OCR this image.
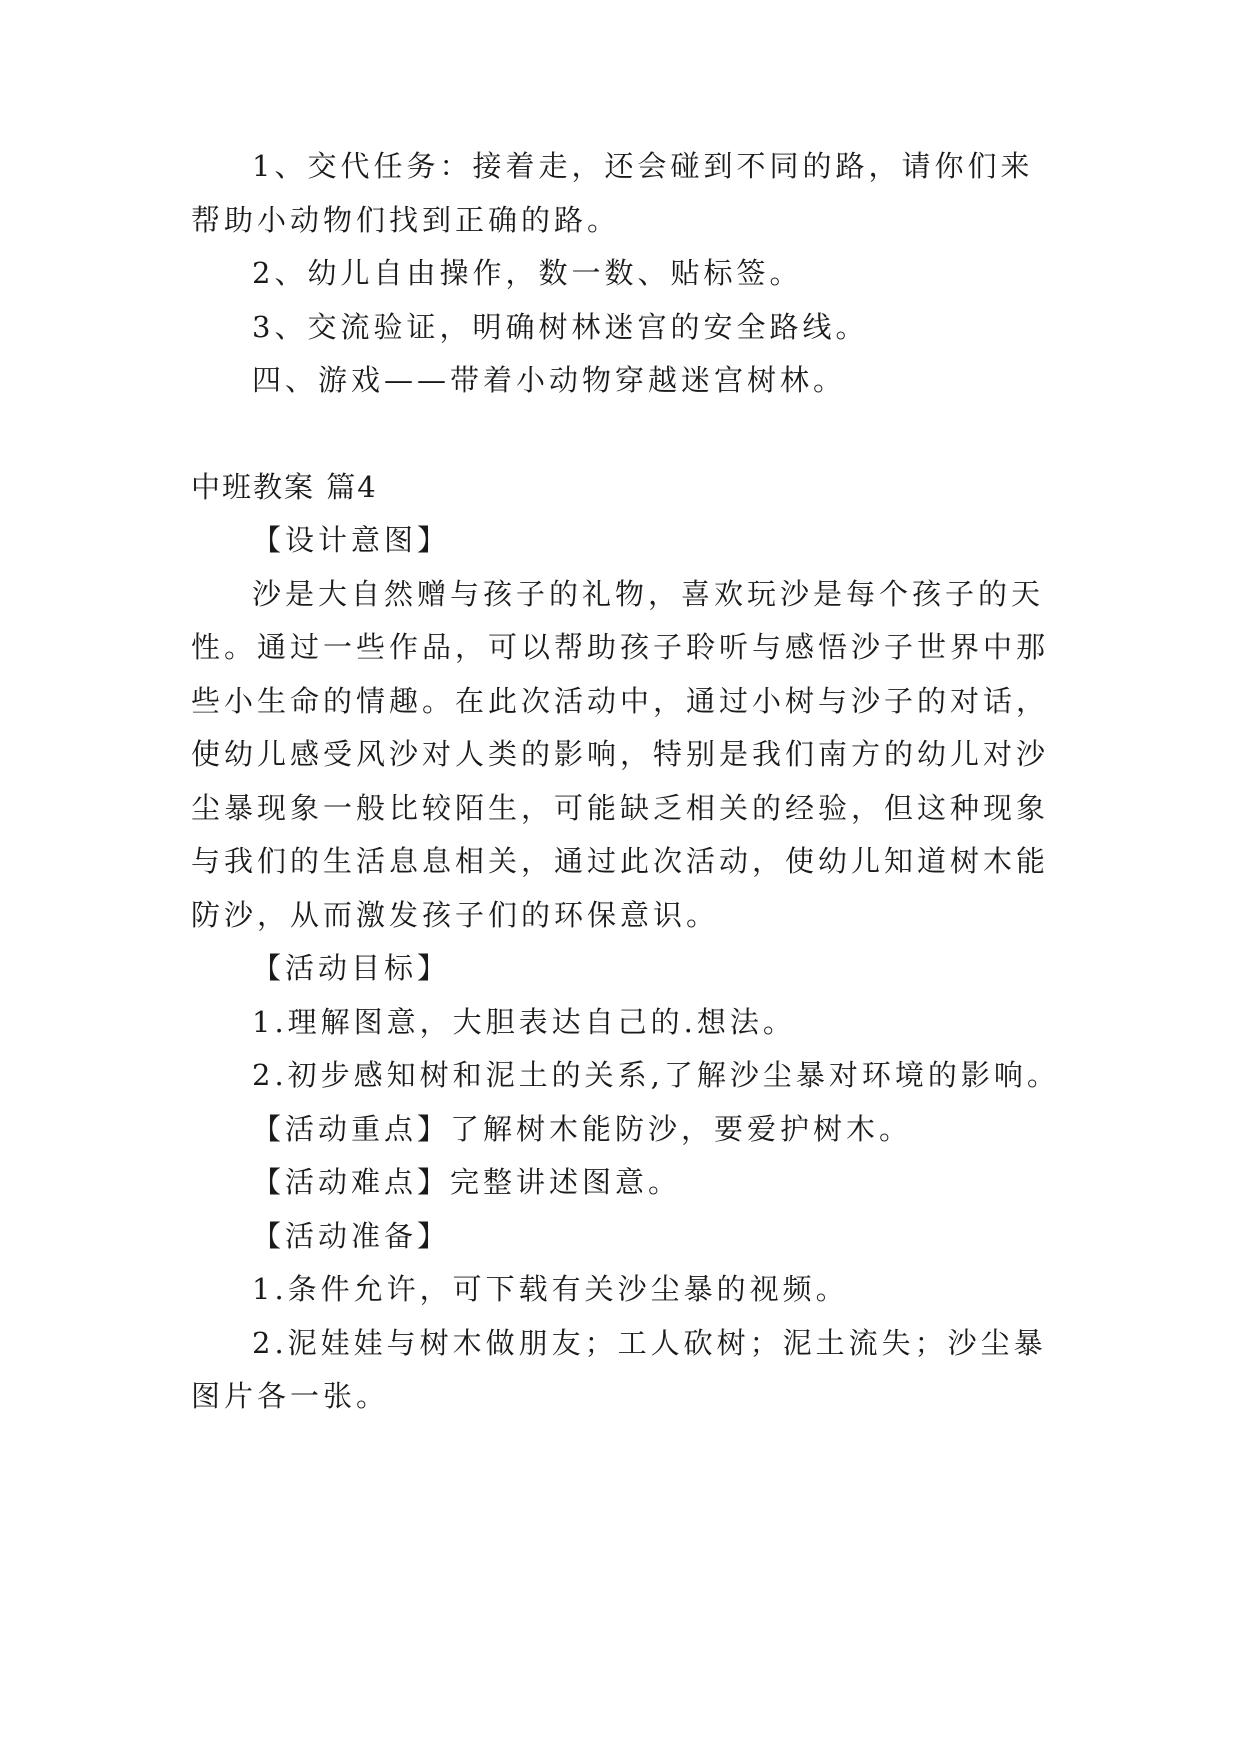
1、交代任务：接着走，还会碰到不同的路，请你们来
帮助小动物们找到正确的路。
2、幼儿自由操作，数一数、贴标签。
3、交流验证，明确树林迷宫的安全路线。
四、游戏——带着小动物穿越迷宫树林。
中班教案 篇4
【设计意图】
沙是大自然赠与孩子的礼物，喜欢玩沙是每个孩子的天
性。通过一些作品，可以帮助孩子聆听与感悟沙子世界中那
些小生命的情趣。在此次活动中，通过小树与沙子的对话，
使幼儿感受风沙对人类的影响，特别是我们南方的幼儿对沙
尘暴现象一般比较陌生，可能缺乏相关的经验，但这种现象
与我们的生活息息相关，通过此次活动，使幼儿知道树木能
防沙，从而激发孩子们的环保意识。
【活动目标】
1.理解图意，大胆表达自己的.想法。
2.初步感知树和泥土的关系,了解沙尘暴对环境的影响。
【活动重点】了解树木能防沙，要爱护树木。
【活动难点】完整讲述图意。
【活动准备】
1.条件允许，可下载有关沙尘暴的视频。
2.泥娃娃与树木做朋友；工人砍树；泥土流失；沙尘暴
图片各一张。
